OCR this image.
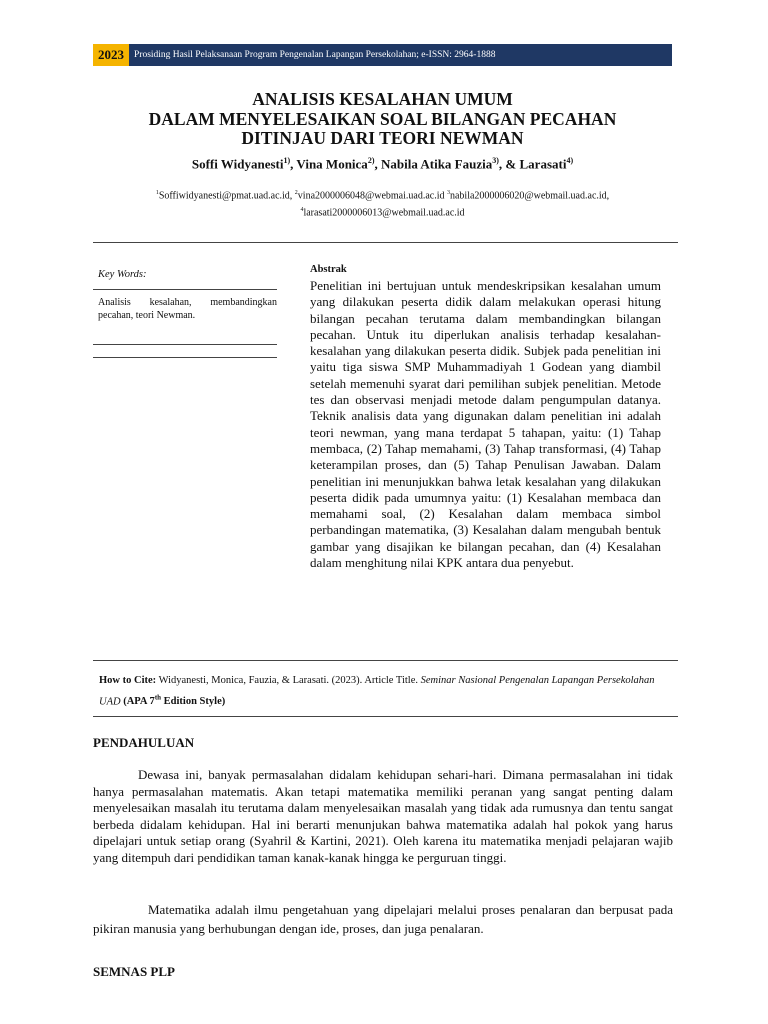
2023	Prosiding Hasil Pelaksanaan Program Pengenalan Lapangan Persekolahan; e-ISSN: 2964-1888
ANALISIS KESALAHAN UMUM
DALAM MENYELESAIKAN SOAL BILANGAN PECAHAN
DITINJAU DARI TEORI NEWMAN
Soffi Widyanesti$^{1)}$, Vina Monica$^{2)}$, Nabila Atika Fauzia$^{3)}$, & Larasati$^{4)}$
$^1$Soffiwidyanesti@pmat.uad.ac.id, $^2$vina2000006048@webmai.uad.ac.id $^3$nabila2000006020@webmail.uad.ac.id,
$^4$larasati2000006013@webmail.uad.ac.id
Key Words:
Analisis kesalahan, membandingkan pecahan, teori Newman.
Abstrak

Penelitian ini bertujuan untuk mendeskripsikan kesalahan umum yang dilakukan peserta didik dalam melakukan operasi hitung bilangan pecahan terutama dalam membandingkan bilangan pecahan. Untuk itu diperlukan analisis terhadap kesalahan-kesalahan yang dilakukan peserta didik. Subjek pada penelitian ini yaitu tiga siswa SMP Muhammadiyah 1 Godean yang diambil setelah memenuhi syarat dari pemilihan subjek penelitian. Metode tes dan observasi menjadi metode dalam pengumpulan datanya. Teknik analisis data yang digunakan dalam penelitian ini adalah teori newman, yang mana terdapat 5 tahapan, yaitu: (1) Tahap membaca, (2) Tahap memahami, (3) Tahap transformasi, (4) Tahap keterampilan proses, dan (5) Tahap Penulisan Jawaban. Dalam penelitian ini menunjukkan bahwa letak kesalahan yang dilakukan peserta didik pada umumnya yaitu: (1) Kesalahan membaca dan memahami soal, (2) Kesalahan dalam membaca simbol perbandingan matematika, (3) Kesalahan dalam mengubah bentuk gambar yang disajikan ke bilangan pecahan, dan (4) Kesalahan dalam menghitung nilai KPK antara dua penyebut.

How to Cite: Widyanesti, Monica, Fauzia, & Larasati. (2023). Article Title. Seminar Nasional Pengenalan Lapangan Persekolahan UAD (APA 7th Edition Style)
PENDAHULUAN

Dewasa ini, banyak permasalahan didalam kehidupan sehari-hari. Dimana permasalahan ini tidak hanya permasalahan matematis. Akan tetapi matematika memiliki peranan yang sangat penting dalam menyelesaikan masalah itu terutama dalam menyelesaikan masalah yang tidak ada rumusnya dan tentu sangat berbeda didalam kehidupan. Hal ini berarti menunjukan bahwa matematika adalah hal pokok yang harus dipelajari untuk setiap orang (Syahril & Kartini, 2021). Oleh karena itu matematika menjadi pelajaran wajib yang ditempuh dari pendidikan taman kanak-kanak hingga ke perguruan tinggi.

Matematika adalah ilmu pengetahuan yang dipelajari melalui proses penalaran dan berpusat pada pikiran manusia yang berhubungan dengan ide, proses, dan juga penalaran.

SEMNAS PLP
